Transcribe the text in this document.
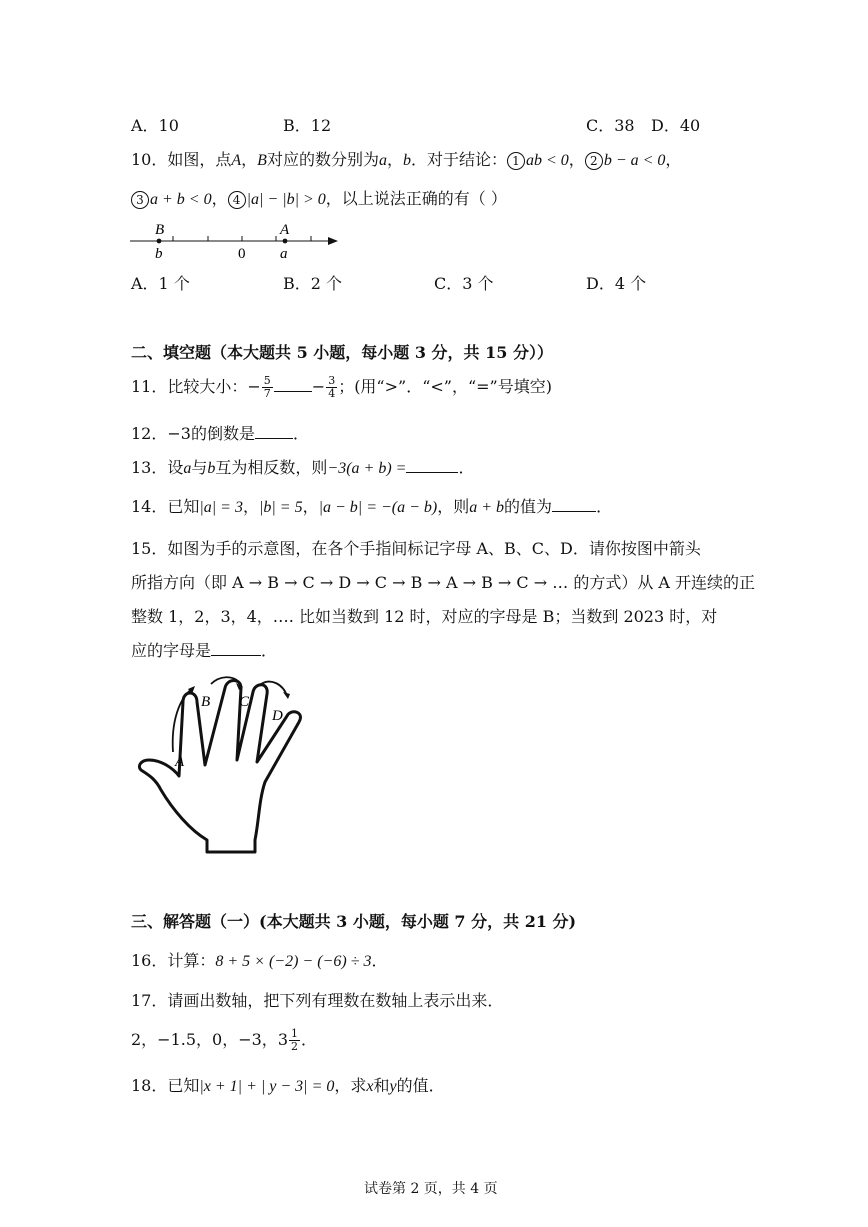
A．10	B．12	C．38 D．40
10．如图，点A，B对应的数分别为a，b．对于结论： 1 ab < 0， 2 b − a < 0，
3 a + b < 0， 4 |a| − |b| > 0，以上说法正确的有（ ）
B	A
b	0 a
A．1 个	B．2 个	C．3 个	D．4 个
二、填空题（本大题共 5 小题，每小题 3 分，共 15 分））
11．比较大小：− $\frac{5}{7} - \frac{3}{4}$ ；(用“>”．“<”，“=”号填空)
12．−3的倒数是 ．
13．设a与b互为相反数，则−3(a + b) =	．
14．已知|a| = 3，|b| = 5，|a − b| = −(a − b)，则a + b的值为	．
15．如图为手的示意图，在各个手指间标记字母 A、B、C、D．请你按图中箭头
所指方向（即 A → B → C → D → C → B → A → B → C → … 的方式）从 A 开连续的正
整数 1，2，3，4，…. 比如当数到 12 时，对应的字母是 B；当数到 2023 时，对
应的字母是	．
A
B C
D
三、解答题（一）(本大题共 3 小题，每小题 7 分，共 21 分)
16．计算：8 + 5 × (−2) − (−6) ÷ 3．
17．请画出数轴，把下列有理数在数轴上表示出来．
2，−1.5，0，−3，$3 \frac{1}{2}$ ．
18．已知|x + 1| + | y − 3| = 0，求x和y的值．
试卷第 2 页，共 4 页
